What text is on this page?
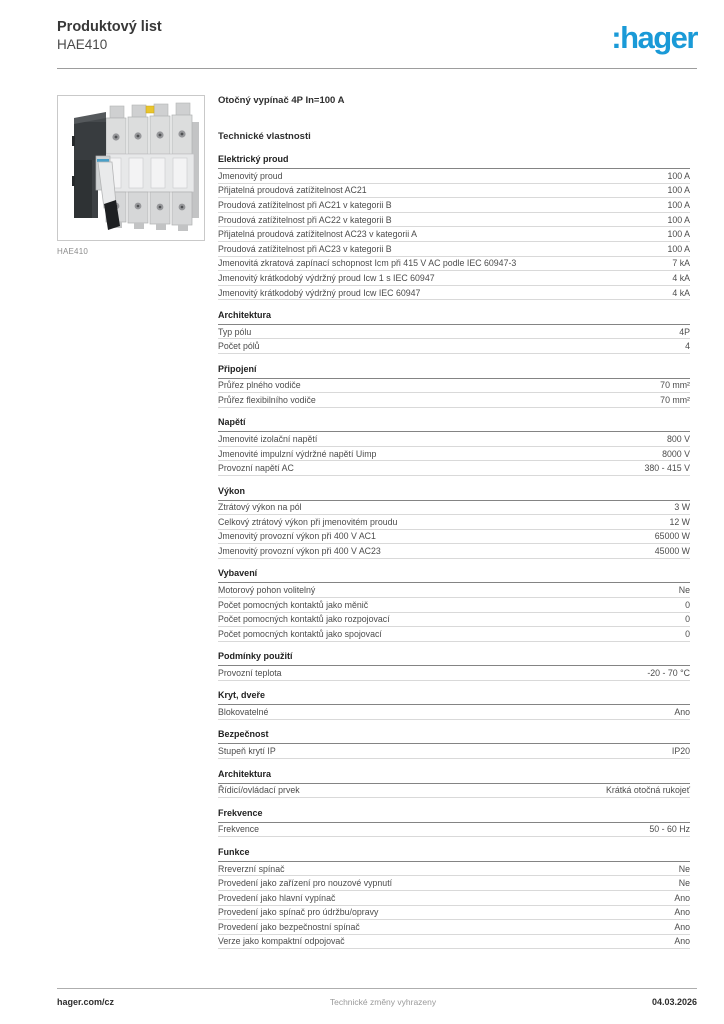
Produktový list
HAE410	:hager
HAE410
Otočný vypínač 4P In=100 A
Technické vlastnosti
Elektrický proud
Jmenovitý proud	100 A
Přijatelná proudová zatížitelnost AC21	100 A
Proudová zatížitelnost při AC21 v kategorii B	100 A
Proudová zatížitelnost při AC22 v kategorii B	100 A
Přijatelná proudová zatížitelnost AC23 v kategorii A	100 A
Proudová zatížitelnost při AC23 v kategorii B	100 A
Jmenovitá zkratová zapínací schopnost Icm při 415 V AC podle IEC 60947-3	7 kA
Jmenovitý krátkodobý výdržný proud Icw 1 s IEC 60947	4 kA
Jmenovitý krátkodobý výdržný proud Icw IEC 60947	4 kA
Architektura
Typ pólu	4P
Počet pólů	4
Připojení
Průřez plného vodiče	70 mm²
Průřez flexibilního vodiče	70 mm²
Napětí
Jmenovité izolační napětí	800 V
Jmenovité impulzní výdržné napětí Uimp	8000 V
Provozní napětí AC	380 - 415 V
Výkon
Ztrátový výkon na pól	3 W
Celkový ztrátový výkon při jmenovitém proudu	12 W
Jmenovitý provozní výkon při 400 V AC1	65000 W
Jmenovitý provozní výkon při 400 V AC23	45000 W
Vybavení
Motorový pohon volitelný	Ne
Počet pomocných kontaktů jako měnič	0
Počet pomocných kontaktů jako rozpojovací	0
Počet pomocných kontaktů jako spojovací	0
Podmínky použití
Provozní teplota	-20 - 70 °C
Kryt, dveře
Blokovatelné	Ano
Bezpečnost
Stupeň krytí IP	IP20
Architektura
Řídicí/ovládací prvek	Krátká otočná rukojeť
Frekvence
Frekvence	50 - 60 Hz
Funkce
Rreverzní spínač	Ne
Provedení jako zařízení pro nouzové vypnutí	Ne
Provedení jako hlavní vypínač	Ano
Provedení jako spínač pro údržbu/opravy	Ano
Provedení jako bezpečnostní spínač	Ano
Verze jako kompaktní odpojovač	Ano
hager.com/cz	Technické změny vyhrazeny	04.03.2026
